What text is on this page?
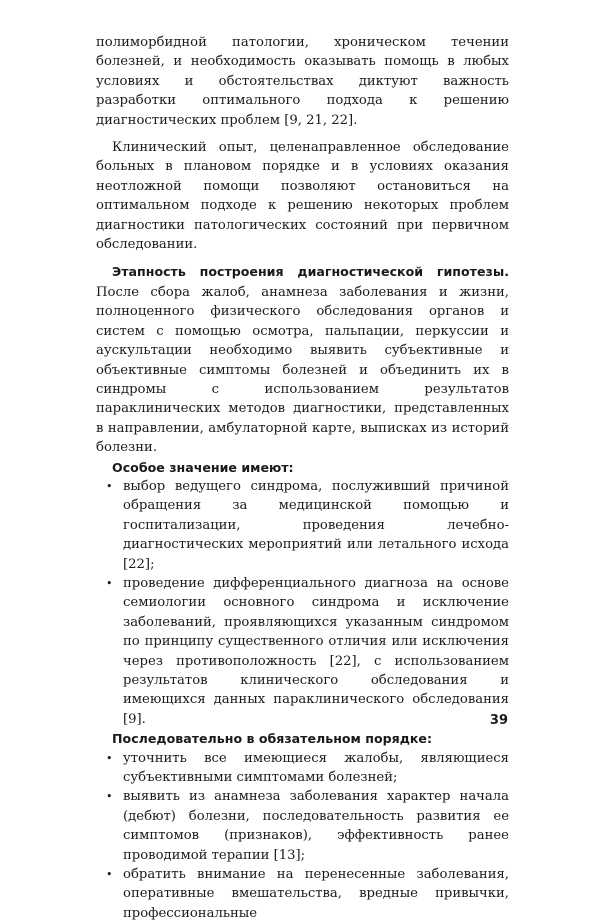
полиморбидной патологии, хроническом течении болезней, и необходимость оказывать помощь в любых условиях и обстоятельствах диктуют важность разработки оптимального подхода к решению диагностических проблем [9, 21, 22].

Клинический опыт, целенаправленное обследование больных в плановом порядке и в условиях оказания неотложной помощи позволяют остановиться на оптимальном подходе к решению некоторых проблем диагностики патологических состояний при первичном обследовании.

Этапность построения диагностической гипотезы. После сбора жалоб, анамнеза заболевания и жизни, полноценного физического обследования органов и систем с помощью осмотра, пальпации, перкуссии и аускультации необходимо выявить субъективные и объективные симптомы болезней и объединить их в синдромы с использованием результатов параклинических методов диагностики, представленных в направлении, амбулаторной карте, выписках из историй болезни.

Особое значение имеют:

• выбор ведущего синдрома, послуживший причиной обращения за медицинской помощью и госпитализации, проведения лечебно-диагностических мероприятий или летального исхода [22];
• проведение дифференциального диагноза на основе семиологии основного синдрома и исключение заболеваний, проявляющихся указанным синдромом по принципу существенного отличия или исключения через противоположность [22], с использованием результатов клинического обследования и имеющихся данных параклинического обследования [9].

Последовательно в обязательном порядке:

• уточнить все имеющиеся жалобы, являющиеся субъективными симптомами болезней;
• выявить из анамнеза заболевания характер начала (дебют) болезни, последовательность развития ее симптомов (признаков), эффективность ранее проводимой терапии [13];
• обратить внимание на перенесенные заболевания, оперативные вмешательства, вредные привычки, профессиональные
39
